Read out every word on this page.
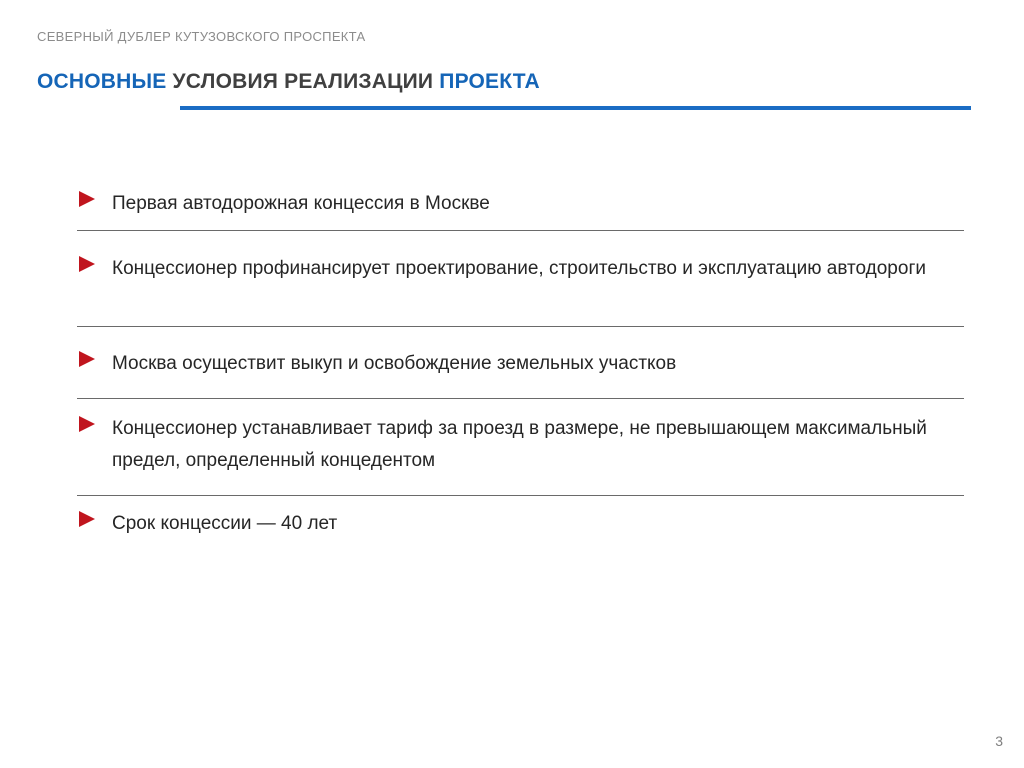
СЕВЕРНЫЙ ДУБЛЕР КУТУЗОВСКОГО ПРОСПЕКТА
ОСНОВНЫЕ УСЛОВИЯ РЕАЛИЗАЦИИ ПРОЕКТА
Первая автодорожная концессия в Москве
Концессионер профинансирует проектирование, строительство и эксплуатацию автодороги
Москва осуществит выкуп и освобождение земельных участков
Концессионер устанавливает тариф за проезд в размере, не превышающем максимальный предел, определенный концедентом
Срок концессии — 40 лет
3
